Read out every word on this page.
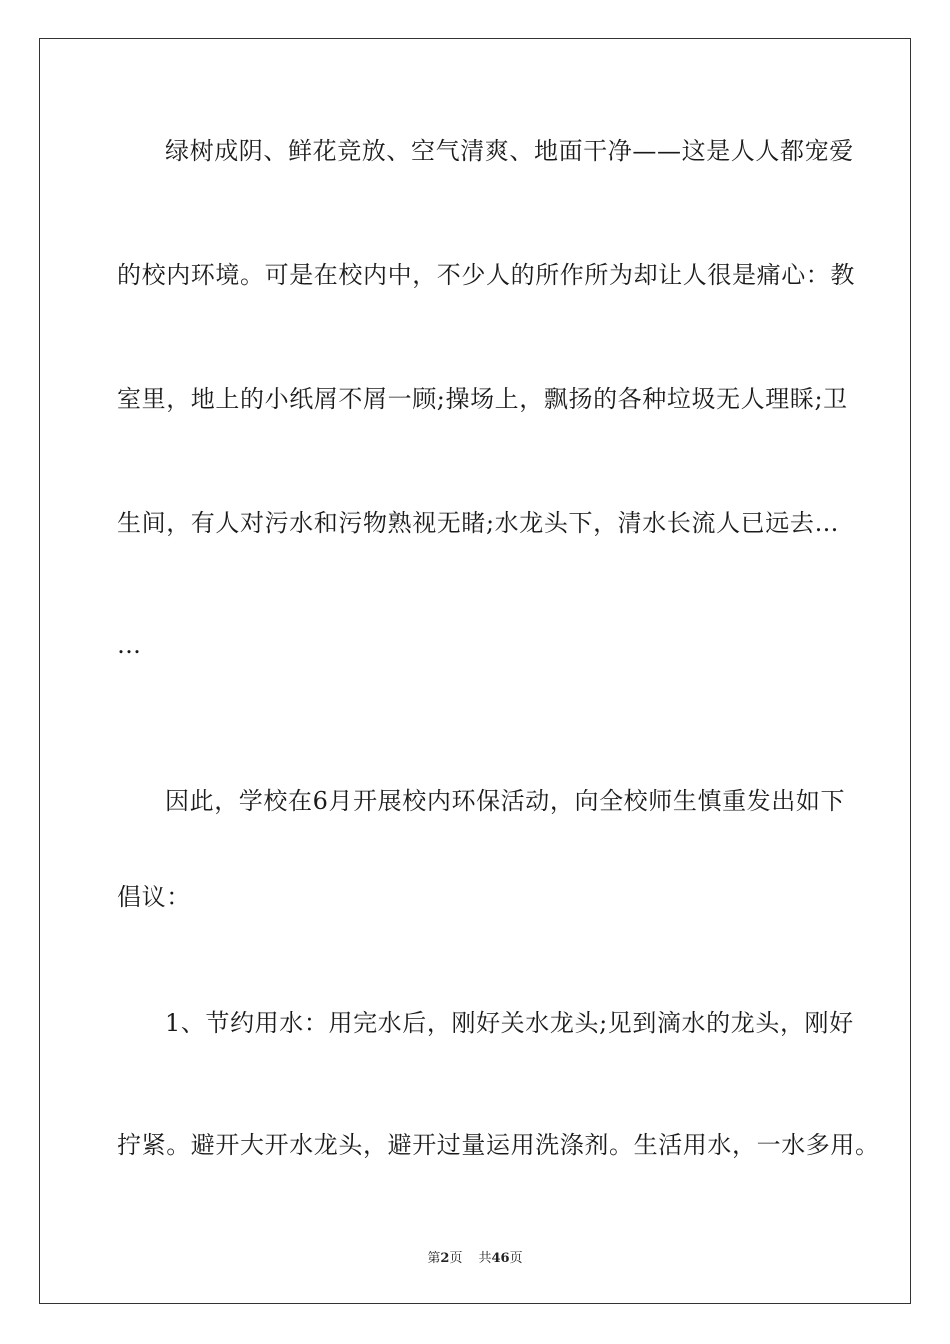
绿树成阴、鲜花竞放、空气清爽、地面干净——这是人人都宠爱
的校内环境。可是在校内中，不少人的所作所为却让人很是痛心：教
室里，地上的小纸屑不屑一顾;操场上，飘扬的各种垃圾无人理睬;卫
生间，有人对污水和污物熟视无睹;水龙头下，清水长流人已远去…
…
因此，学校在6月开展校内环保活动，向全校师生慎重发出如下
倡议：
1、节约用水：用完水后，刚好关水龙头;见到滴水的龙头，刚好
拧紧。避开大开水龙头，避开过量运用洗涤剂。生活用水，一水多用。
第2页 共46页
